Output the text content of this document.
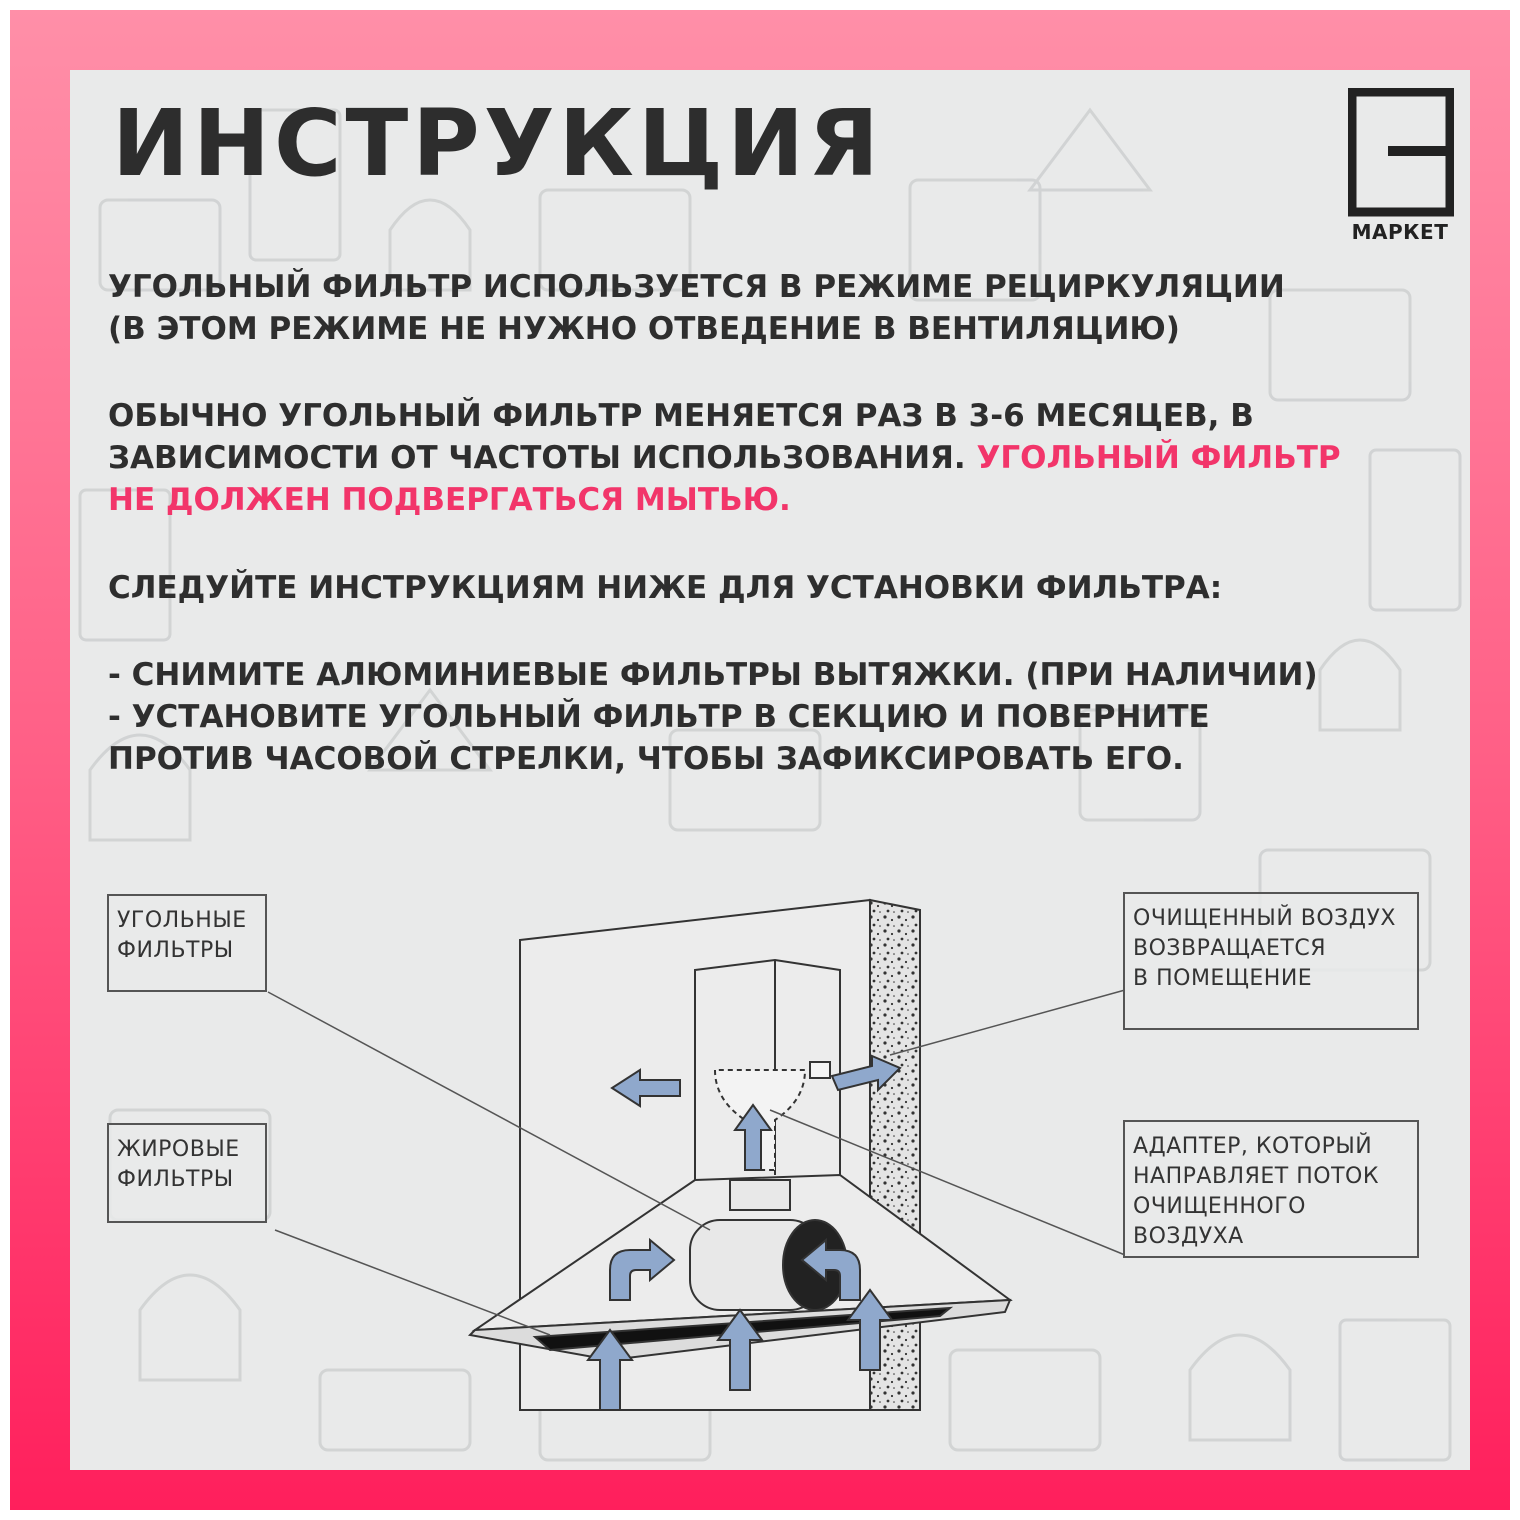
ИНСТРУКЦИЯ
МАРКЕТ

УГОЛЬНЫЙ ФИЛЬТР ИСПОЛЬЗУЕТСЯ В РЕЖИМЕ РЕЦИРКУЛЯЦИИ

(В ЭТОМ РЕЖИМЕ НЕ НУЖНО ОТВЕДЕНИЕ В ВЕНТИЛЯЦИЮ)

ОБЫЧНО УГОЛЬНЫЙ ФИЛЬТР МЕНЯЕТСЯ РАЗ В 3-6 МЕСЯЦЕВ, В

ЗАВИСИМОСТИ ОТ ЧАСТОТЫ ИСПОЛЬЗОВАНИЯ. УГОЛЬНЫЙ ФИЛЬТР

НЕ ДОЛЖЕН ПОДВЕРГАТЬСЯ МЫТЬЮ.

СЛЕДУЙТЕ ИНСТРУКЦИЯМ НИЖЕ ДЛЯ УСТАНОВКИ ФИЛЬТРА:

- СНИМИТЕ АЛЮМИНИЕВЫЕ ФИЛЬТРЫ ВЫТЯЖКИ. (ПРИ НАЛИЧИИ)

- УСТАНОВИТЕ УГОЛЬНЫЙ ФИЛЬТР В СЕКЦИЮ И ПОВЕРНИТЕ

ПРОТИВ ЧАСОВОЙ СТРЕЛКИ, ЧТОБЫ ЗАФИКСИРОВАТЬ ЕГО.

УГОЛЬНЫЕ
ФИЛЬТРЫ
ЖИРОВЫЕ
ФИЛЬТРЫ
ОЧИЩЕННЫЙ ВОЗДУХ
ВОЗВРАЩАЕТСЯ
В ПОМЕЩЕНИЕ
АДАПТЕР, КОТОРЫЙ
НАПРАВЛЯЕТ ПОТОК
ОЧИЩЕННОГО
ВОЗДУХА
